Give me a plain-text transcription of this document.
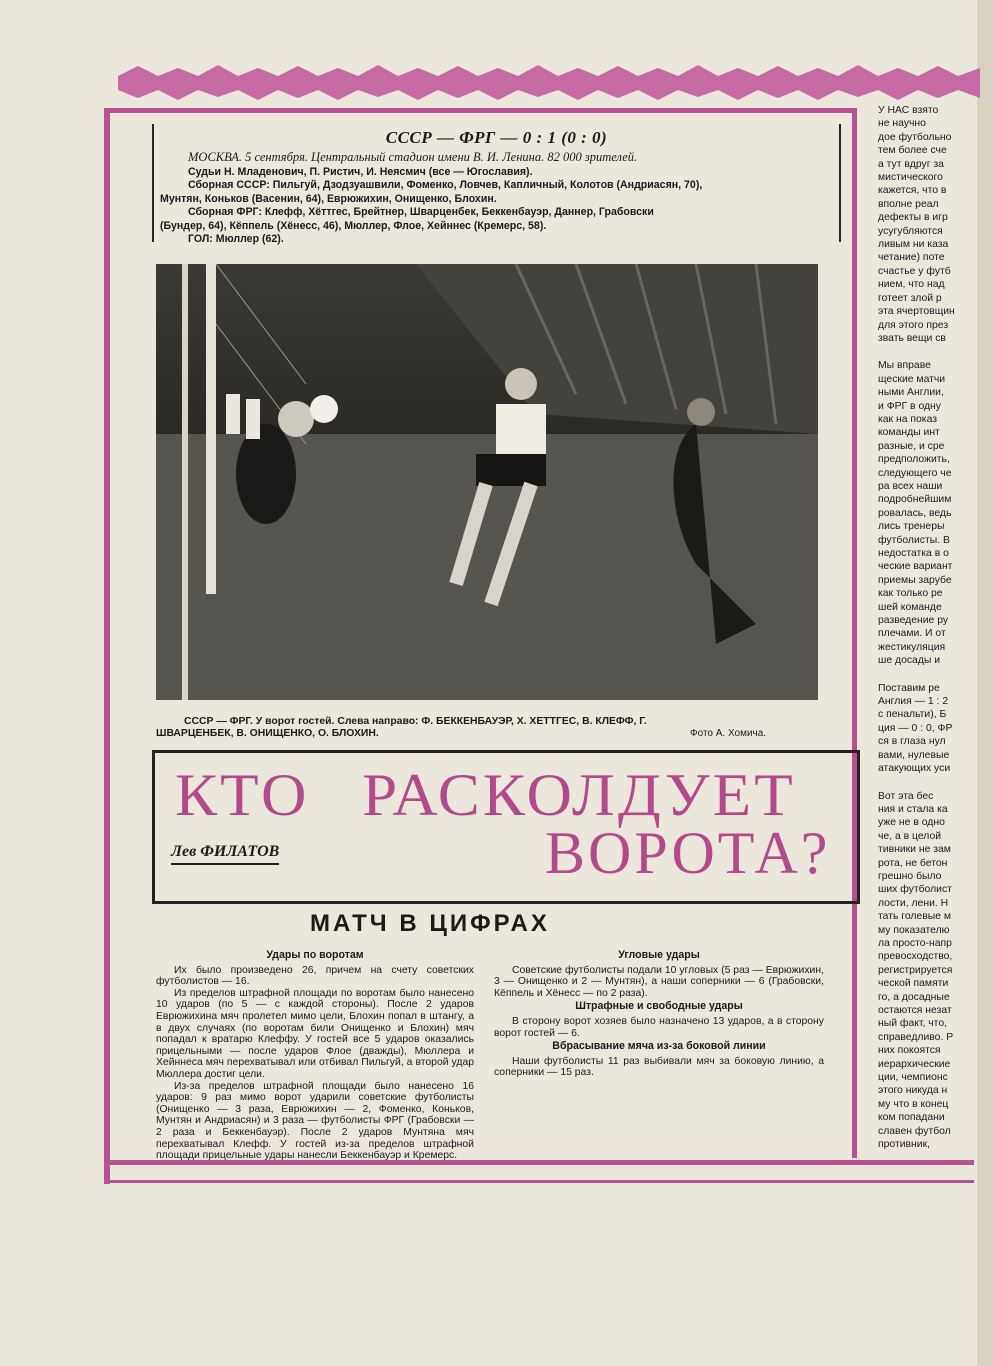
СССР — ФРГ — 0 : 1 (0 : 0)
МОСКВА. 5 сентября. Центральный стадион имени В. И. Ленина. 82 000 зрителей.
Судьи Н. Младенович, П. Ристич, И. Неясмич (все — Югославия).
Сборная СССР: Пильгуй, Дзодзуашвили, Фоменко, Ловчев, Капличный, Колотов (Андриасян, 70),
Мунтян, Коньков (Васенин, 64), Еврюжихин, Онищенко, Блохин.
Сборная ФРГ: Клефф, Хёттгес, Брейтнер, Шварценбек, Беккенбауэр, Даннер, Грабовски
(Бундер, 64), Кёппель (Хёнесс, 46), Мюллер, Флое, Хейннес (Кремерс, 58).
ГОЛ: Мюллер (62).
СССР — ФРГ. У ворот гостей. Слева направо: Ф. БЕККЕНБАУЭР, Х. ХЕТТГЕС, В. КЛЕФФ, Г.
ШВАРЦЕНБЕК, В. ОНИЩЕНКО, О. БЛОХИН.	Фото А. Хомича.
КТО РАСКОЛДУЕТ
ВОРОТА?
Лев ФИЛАТОВ
МАТЧ В ЦИФРАХ
Удары по воротам

Их было произведено 26, причем на счету советских футболистов — 16.

Из пределов штрафной площади по воротам было нанесено 10 ударов (по 5 — с каждой стороны). После 2 ударов Еврюжихина мяч пролетел мимо цели, Блохин попал в штангу, а в двух случаях (по воротам били Онищенко и Блохин) мяч попадал к вратарю Клеффу. У гостей все 5 ударов оказались прицельными — после ударов Флое (дважды), Мюллера и Хейннеса мяч перехватывал или отбивал Пильгуй, а второй удар Мюллера достиг цели.

Из-за пределов штрафной площади было нанесено 16 ударов: 9 раз мимо ворот ударили советские футболисты (Онищенко — 3 раза, Еврюжихин — 2, Фоменко, Коньков, Мунтян и Андриасян) и 3 раза — футболисты ФРГ (Грабовски — 2 раза и Беккенбауэр). После 2 ударов Мунтяна мяч перехватывал Клефф. У гостей из-за пределов штрафной площади прицельные удары нанесли Беккенбауэр и Кремерс.

Угловые удары

Советские футболисты подали 10 угловых (5 раз — Еврюжихин, 3 — Онищенко и 2 — Мунтян), а наши соперники — 6 (Грабовски, Кёппель и Хёнесс — по 2 раза).

Штрафные и свободные удары

В сторону ворот хозяев было назначено 13 ударов, а в сторону ворот гостей — 6.

Вбрасывание мяча из-за боковой линии

Наши футболисты 11 раз выбивали мяч за боковую линию, а соперники — 15 раз.

У НАС взято

не научно

дое футбольно

тем более сче

а тут вдруг за

мистического

кажется, что в

вполне реал

дефекты в игр

усугубляются

ливым ни каза

четание) поте

счастье у футб

нием, что над

готеет злой р

эта ячертовщин

для этого през

звать вещи св

Мы вправе

щеские матчи

ными Англии,

и ФРГ в одну

как на показ

команды инт

разные, и сре

предположить,

следующего че

ра всех наши

подробнейшим

ровалась, ведь

лись тренеры

футболисты. В

недостатка в о

ческие вариант

приемы зарубе

как только ре

шей команде

разведение ру

плечами. И от

жестикуляция

ше досады и

Поставим ре

Англия — 1 : 2

с пенальти), Б

ция — 0 : 0, ФР

ся в глаза нул

вами, нулевые

атакующих уси

Вот эта бес

ния и стала ка

уже не в одно

че, а в целой

тивники не зам

рота, не бетон

грешно было

ших футболист

лости, лени. Н

тать голевые м

му показателю

ла просто-напр

превосходство,

регистрируется

ческой памяти

го, а досадные

остаются незат

ный факт, что,

справедливо. Р

них покоятся

иерархические

ции, чемпионс

этого никуда н

му что в конец

ком попадани

славен футбол

противник,
